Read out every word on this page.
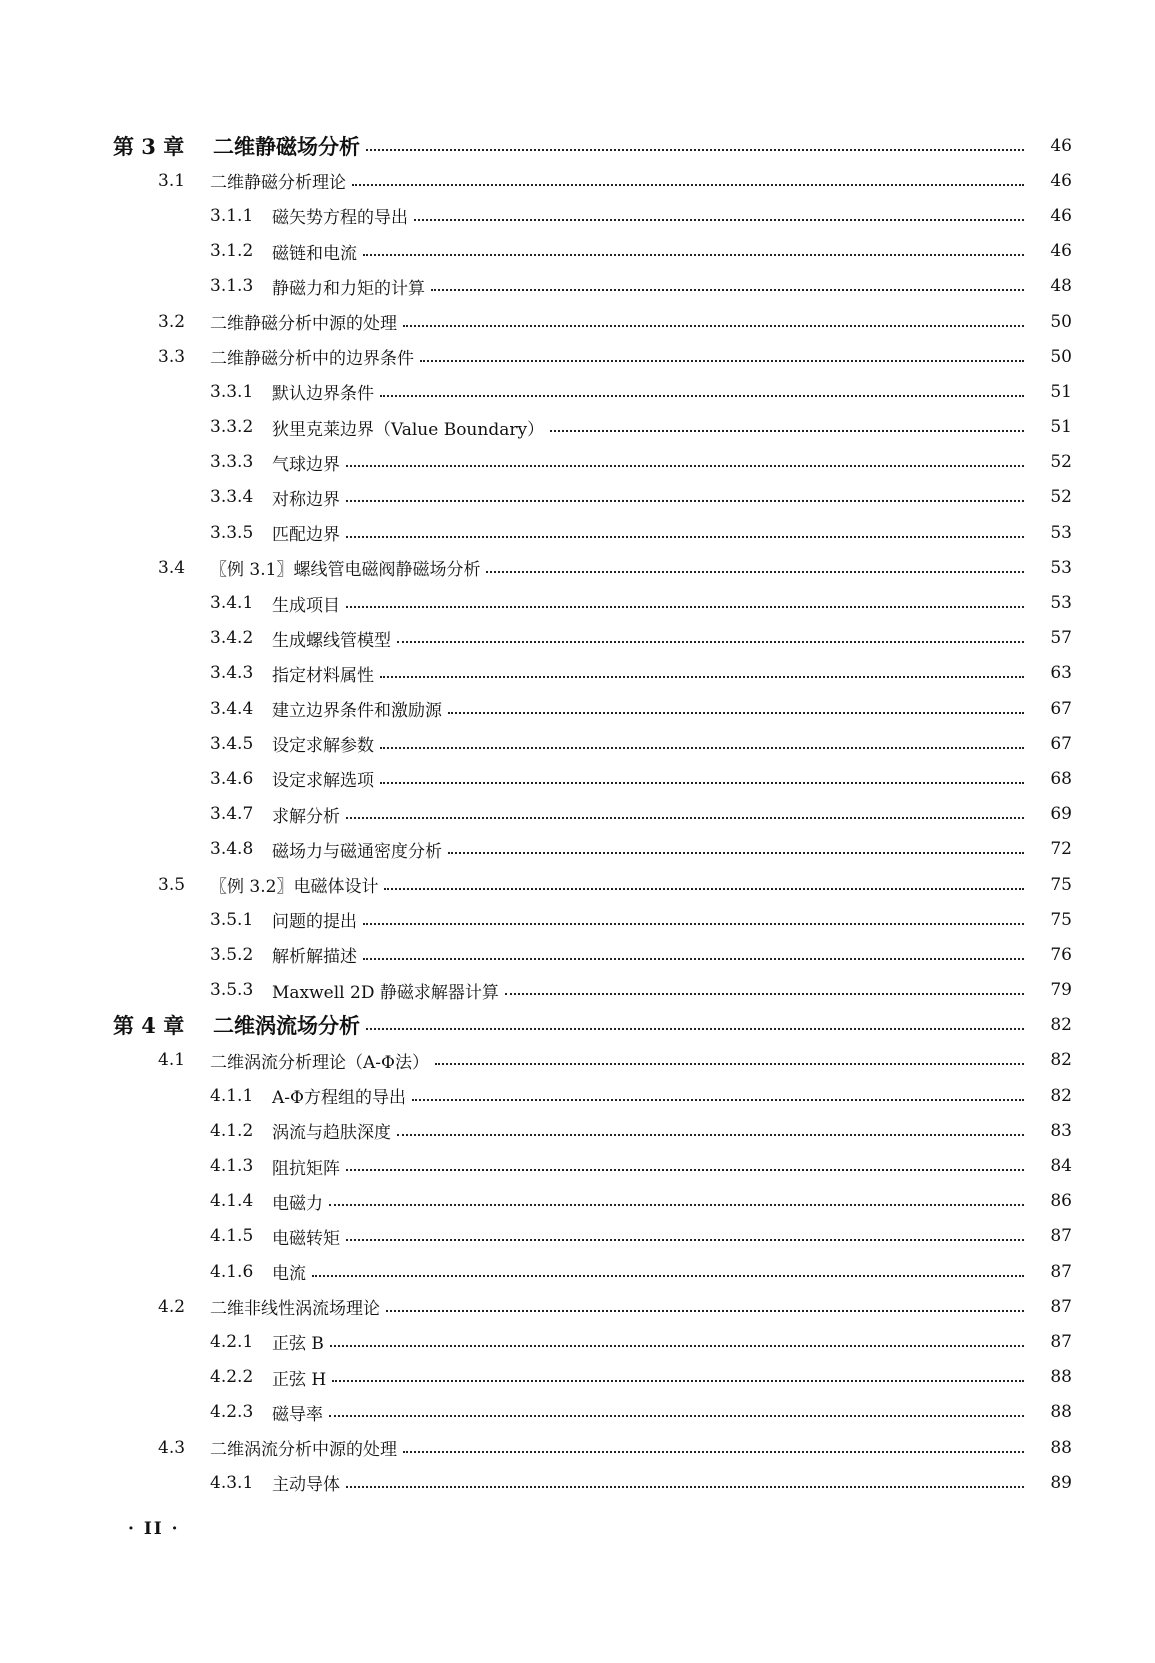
第 3 章 二维静磁场分析	46
3.1 二维静磁分析理论	46
3.1.1 磁矢势方程的导出	46
3.1.2 磁链和电流	46
3.1.3 静磁力和力矩的计算	48
3.2 二维静磁分析中源的处理	50
3.3 二维静磁分析中的边界条件	50
3.3.1 默认边界条件	51
3.3.2 狄里克莱边界（Value Boundary）	51
3.3.3 气球边界	52
3.3.4 对称边界	52
3.3.5 匹配边界	53
3.4 〖例 3.1〗螺线管电磁阀静磁场分析	53
3.4.1 生成项目	53
3.4.2 生成螺线管模型	57
3.4.3 指定材料属性	63
3.4.4 建立边界条件和激励源	67
3.4.5 设定求解参数	67
3.4.6 设定求解选项	68
3.4.7 求解分析	69
3.4.8 磁场力与磁通密度分析	72
3.5 〖例 3.2〗电磁体设计	75
3.5.1 问题的提出	75
3.5.2 解析解描述	76
3.5.3 Maxwell 2D 静磁求解器计算	79
第 4 章 二维涡流场分析	82
4.1 二维涡流分析理论（A-Φ法）	82
4.1.1 A-Φ方程组的导出	82
4.1.2 涡流与趋肤深度	83
4.1.3 阻抗矩阵	84
4.1.4 电磁力	86
4.1.5 电磁转矩	87
4.1.6 电流	87
4.2 二维非线性涡流场理论	87
4.2.1 正弦 B	87
4.2.2 正弦 H	88
4.2.3 磁导率	88
4.3 二维涡流分析中源的处理	88
4.3.1 主动导体	89
· II ·
